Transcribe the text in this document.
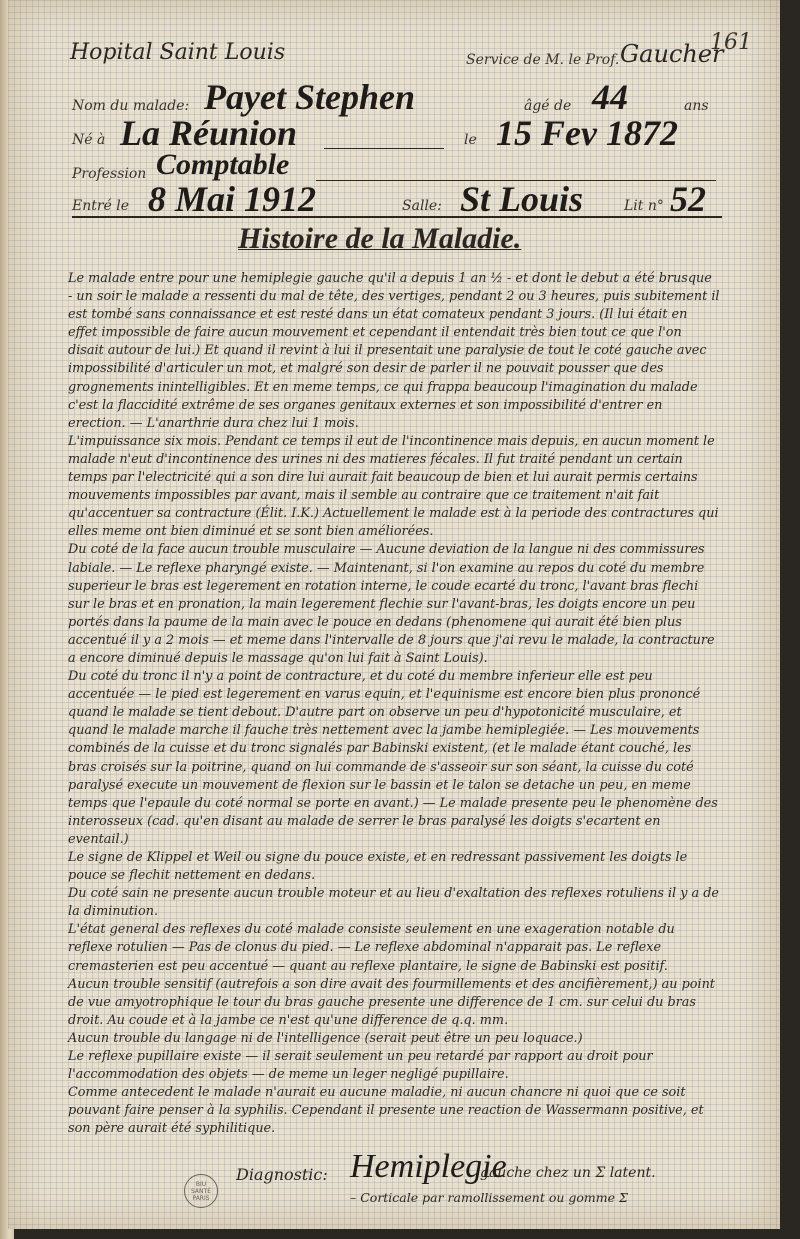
Hopital Saint Louis	Service de M. le Prof. Gaucher
161
Nom du malade: Payet Stephen	âgé de 44	ans
Né à La Réunion	le 15 Fev 1872
Profession Comptable
Entré le 8 Mai 1912	Salle: St Louis	Lit n° 52
Histoire de la Maladie.

Le malade entre pour une hemiplegie gauche qu'il a depuis 1 an ½ - et dont le debut a été brusque - un soir le malade a ressenti du mal de tête, des vertiges, pendant 2 ou 3 heures, puis subitement il est tombé sans connaissance et est resté dans un état comateux pendant 3 jours. (Il lui était en effet impossible de faire aucun mouvement et cependant il entendait très bien tout ce que l'on disait autour de lui.) Et quand il revint à lui il presentait une paralysie de tout le coté gauche avec impossibilité d'articuler un mot, et malgré son desir de parler il ne pouvait pousser que des grognements inintelligibles. Et en meme temps, ce qui frappa beaucoup l'imagination du malade c'est la flaccidité extrême de ses organes genitaux externes et son impossibilité d'entrer en erection. — L'anarthrie dura chez lui 1 mois.

L'impuissance six mois. Pendant ce temps il eut de l'incontinence mais depuis, en aucun moment le malade n'eut d'incontinence des urines ni des matieres fécales. Il fut traité pendant un certain temps par l'electricité qui a son dire lui aurait fait beaucoup de bien et lui aurait permis certains mouvements impossibles par avant, mais il semble au contraire que ce traitement n'ait fait qu'accentuer sa contracture (Élit. I.K.) Actuellement le malade est à la periode des contractures qui elles meme ont bien diminué et se sont bien améliorées.

Du coté de la face aucun trouble musculaire — Aucune deviation de la langue ni des commissures labiale. — Le reflexe pharyngé existe. — Maintenant, si l'on examine au repos du coté du membre superieur le bras est legerement en rotation interne, le coude ecarté du tronc, l'avant bras flechi sur le bras et en pronation, la main legerement flechie sur l'avant-bras, les doigts encore un peu portés dans la paume de la main avec le pouce en dedans (phenomene qui aurait été bien plus accentué il y a 2 mois — et meme dans l'intervalle de 8 jours que j'ai revu le malade, la contracture a encore diminué depuis le massage qu'on lui fait à Saint Louis).

Du coté du tronc il n'y a point de contracture, et du coté du membre inferieur elle est peu accentuée — le pied est legerement en varus equin, et l'equinisme est encore bien plus prononcé quand le malade se tient debout. D'autre part on observe un peu d'hypotonicité musculaire, et quand le malade marche il fauche très nettement avec la jambe hemiplegiée. — Les mouvements combinés de la cuisse et du tronc signalés par Babinski existent, (et le malade étant couché, les bras croisés sur la poitrine, quand on lui commande de s'asseoir sur son séant, la cuisse du coté paralysé execute un mouvement de flexion sur le bassin et le talon se detache un peu, en meme temps que l'epaule du coté normal se porte en avant.) — Le malade presente peu le phenomène des interosseux (cad. qu'en disant au malade de serrer le bras paralysé les doigts s'ecartent en eventail.)

Le signe de Klippel et Weil ou signe du pouce existe, et en redressant passivement les doigts le pouce se flechit nettement en dedans.

Du coté sain ne presente aucun trouble moteur et au lieu d'exaltation des reflexes rotuliens il y a de la diminution.

L'état general des reflexes du coté malade consiste seulement en une exageration notable du reflexe rotulien — Pas de clonus du pied. — Le reflexe abdominal n'apparait pas. Le reflexe cremasterien est peu accentué — quant au reflexe plantaire, le signe de Babinski est positif.

Aucun trouble sensitif (autrefois a son dire avait des fourmillements et des ancifièrement,) au point de vue amyotrophique le tour du bras gauche presente une difference de 1 cm. sur celui du bras droit. Au coude et à la jambe ce n'est qu'une difference de q.q. mm.

Aucun trouble du langage ni de l'intelligence (serait peut être un peu loquace.)

Le reflexe pupillaire existe — il serait seulement un peu retardé par rapport au droit pour l'accommodation des objets — de meme un leger negligé pupillaire.

Comme antecedent le malade n'aurait eu aucune maladie, ni aucun chancre ni quoi que ce soit pouvant faire penser à la syphilis. Cependant il presente une reaction de Wassermann positive, et son père aurait été syphilitique.

BIU
SANTÉ
PARIS
Diagnostic: Hemiplegie
gauche chez un Σ latent.
– Corticale par ramollissement ou gomme Σ
